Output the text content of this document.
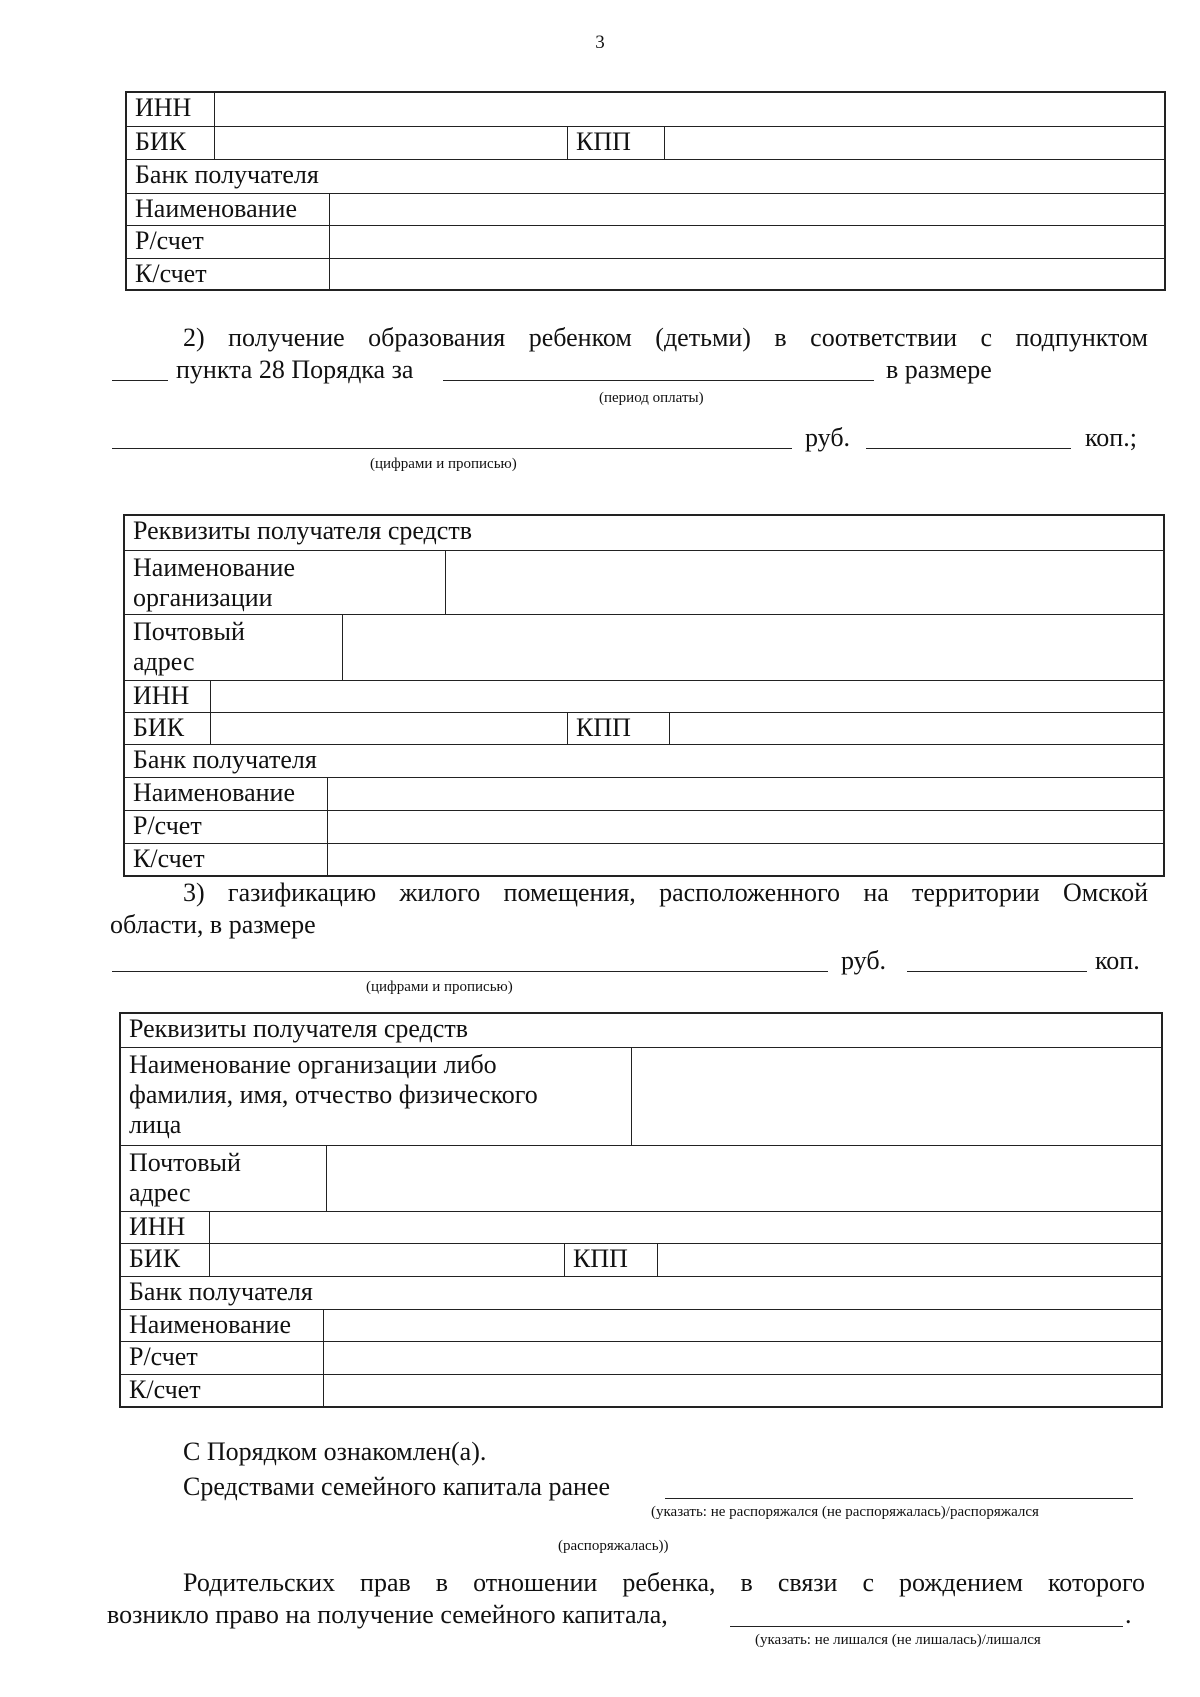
3
ИНН
БИК	КПП
Банк получателя
Наименование
Р/счет
К/счет
2) получение образования ребенком (детьми) в соответствии с подпунктом
пункта 28 Порядка за	в размере
(период оплаты)
руб.	коп.;
(цифрами и прописью)
Реквизиты получателя средств
Наименование
организации
Почтовый
адрес
ИНН
БИК	КПП
Банк получателя
Наименование
Р/счет
К/счет
3) газификацию жилого помещения, расположенного на территории Омской
области, в размере
руб.	коп.
(цифрами и прописью)
Реквизиты получателя средств
Наименование организации либо
фамилия, имя, отчество физического
лица
Почтовый
адрес
ИНН
БИК	КПП
Банк получателя
Наименование
Р/счет
К/счет
С Порядком ознакомлен(а).
Средствами семейного капитала ранее
(указать: не распоряжался (не распоряжалась)/распоряжался
(распоряжалась))
Родительских прав в отношении ребенка, в связи с рождением которого
возникло право на получение семейного капитала,	.
(указать: не лишался (не лишалась)/лишался
